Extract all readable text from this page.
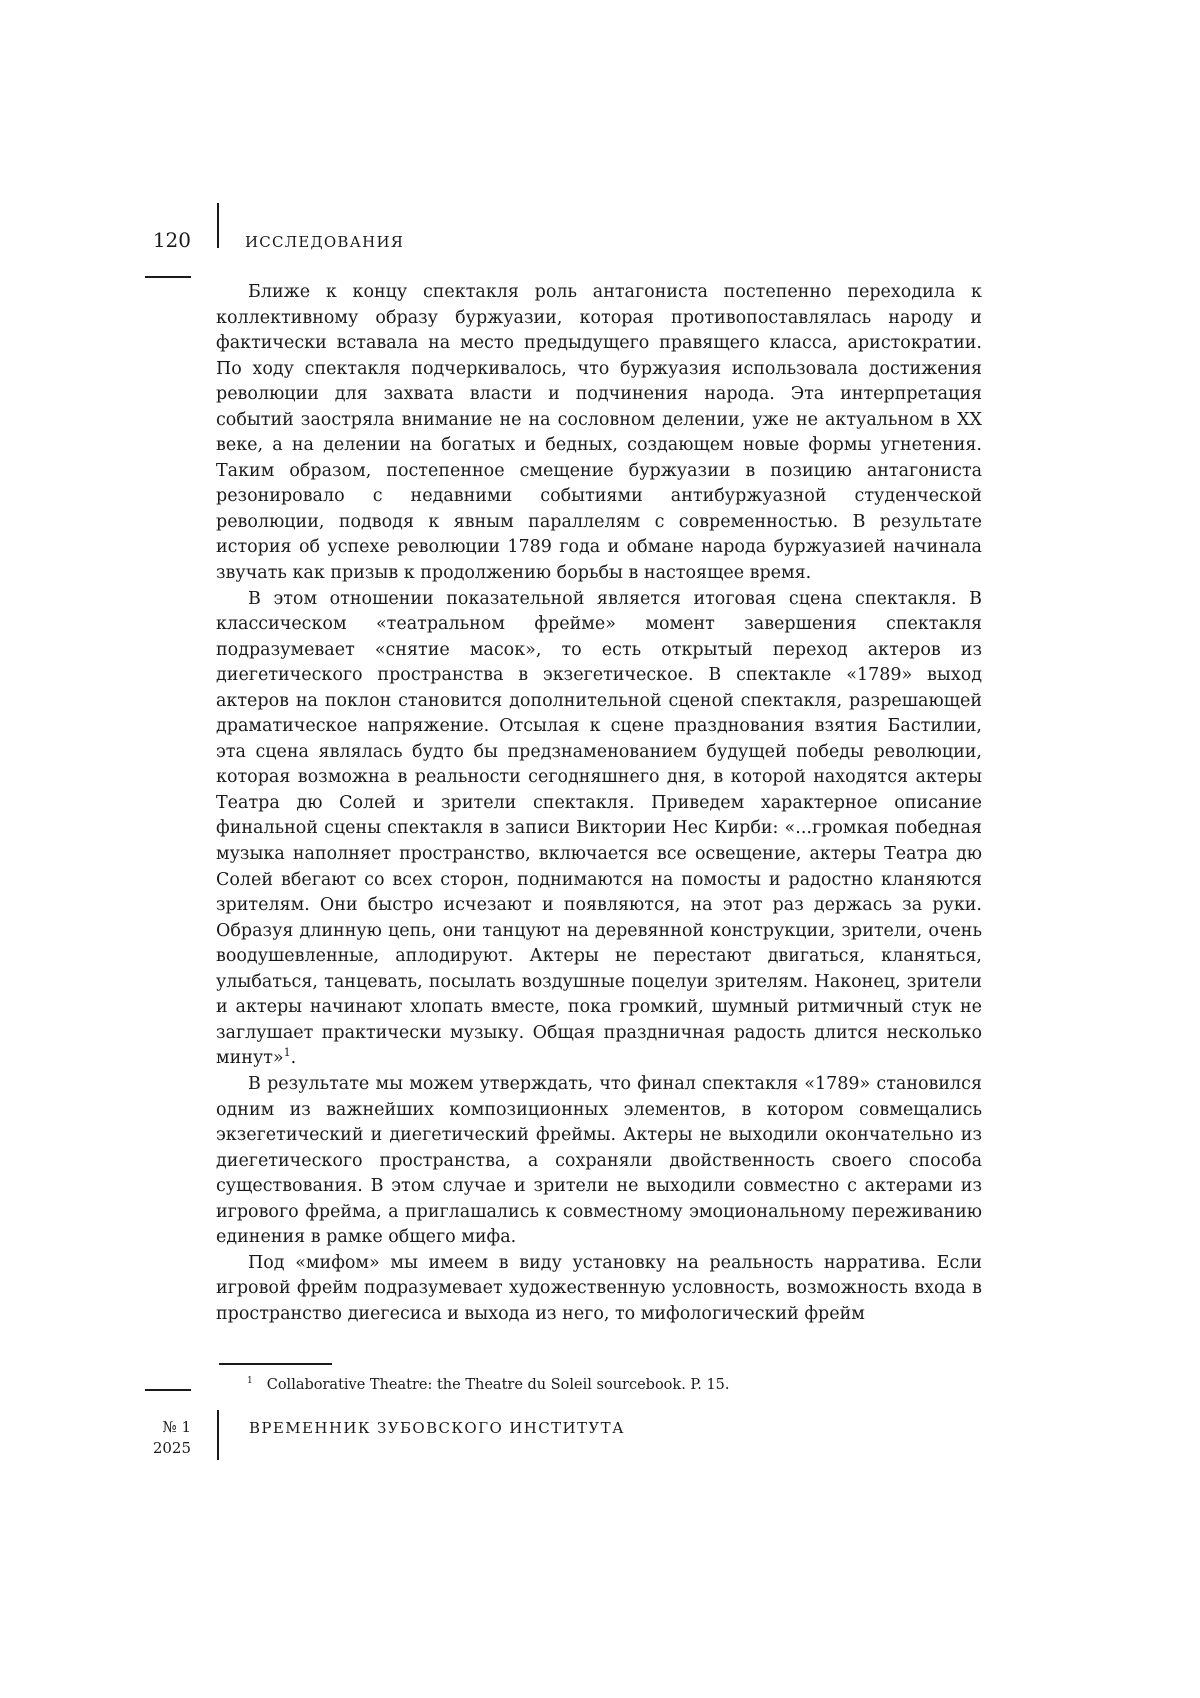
120	ИССЛЕДОВАНИЯ

Ближе к концу спектакля роль антагониста постепенно переходила к коллективному образу буржуазии, которая противопоставлялась народу и фактически вставала на место предыдущего правящего класса, аристократии. По ходу спектакля подчеркивалось, что буржуазия использовала достижения революции для захвата власти и подчинения народа. Эта интерпретация событий заостряла внимание не на сословном делении, уже не актуальном в XX веке, а на делении на богатых и бедных, создающем новые формы угнетения. Таким образом, постепенное смещение буржуазии в позицию антагониста резонировало с недавними событиями антибуржуазной студенческой революции, подводя к явным параллелям с современностью. В результате история об успехе революции 1789 года и обмане народа буржуазией начинала звучать как призыв к продолжению борьбы в настоящее время.

В этом отношении показательной является итоговая сцена спектакля. В классическом «театральном фрейме» момент завершения спектакля подразумевает «снятие масок», то есть открытый переход актеров из диегетического пространства в экзегетическое. В спектакле «1789» выход актеров на поклон становится дополнительной сценой спектакля, разрешающей драматическое напряжение. Отсылая к сцене празднования взятия Бастилии, эта сцена являлась будто бы предзнаменованием будущей победы революции, которая возможна в реальности сегодняшнего дня, в которой находятся актеры Театра дю Солей и зрители спектакля. Приведем характерное описание финальной сцены спектакля в записи Виктории Нес Кирби: «...громкая победная музыка наполняет пространство, включается все освещение, актеры Театра дю Солей вбегают со всех сторон, поднимаются на помосты и радостно кланяются зрителям. Они быстро исчезают и появляются, на этот раз держась за руки. Образуя длинную цепь, они танцуют на деревянной конструкции, зрители, очень воодушевленные, аплодируют. Актеры не перестают двигаться, кланяться, улыбаться, танцевать, посылать воздушные поцелуи зрителям. Наконец, зрители и актеры начинают хлопать вместе, пока громкий, шумный ритмичный стук не заглушает практически музыку. Общая праздничная радость длится несколько минут»$^1$.

В результате мы можем утверждать, что финал спектакля «1789» становился одним из важнейших композиционных элементов, в котором совмещались экзегетический и диегетический фреймы. Актеры не выходили окончательно из диегетического пространства, а сохраняли двойственность своего способа существования. В этом случае и зрители не выходили совместно с актерами из игрового фрейма, а приглашались к совместному эмоциональному переживанию единения в рамке общего мифа.

Под «мифом» мы имеем в виду установку на реальность нарратива. Если игровой фрейм подразумевает художественную условность, возможность входа в пространство диегесиса и выхода из него, то мифологический фрейм

$^1$ Collaborative Theatre: the Theatre du Soleil sourcebook. P. 15.
№ 1
2025
ВРЕМЕННИК ЗУБОВСКОГО ИНСТИТУТА
